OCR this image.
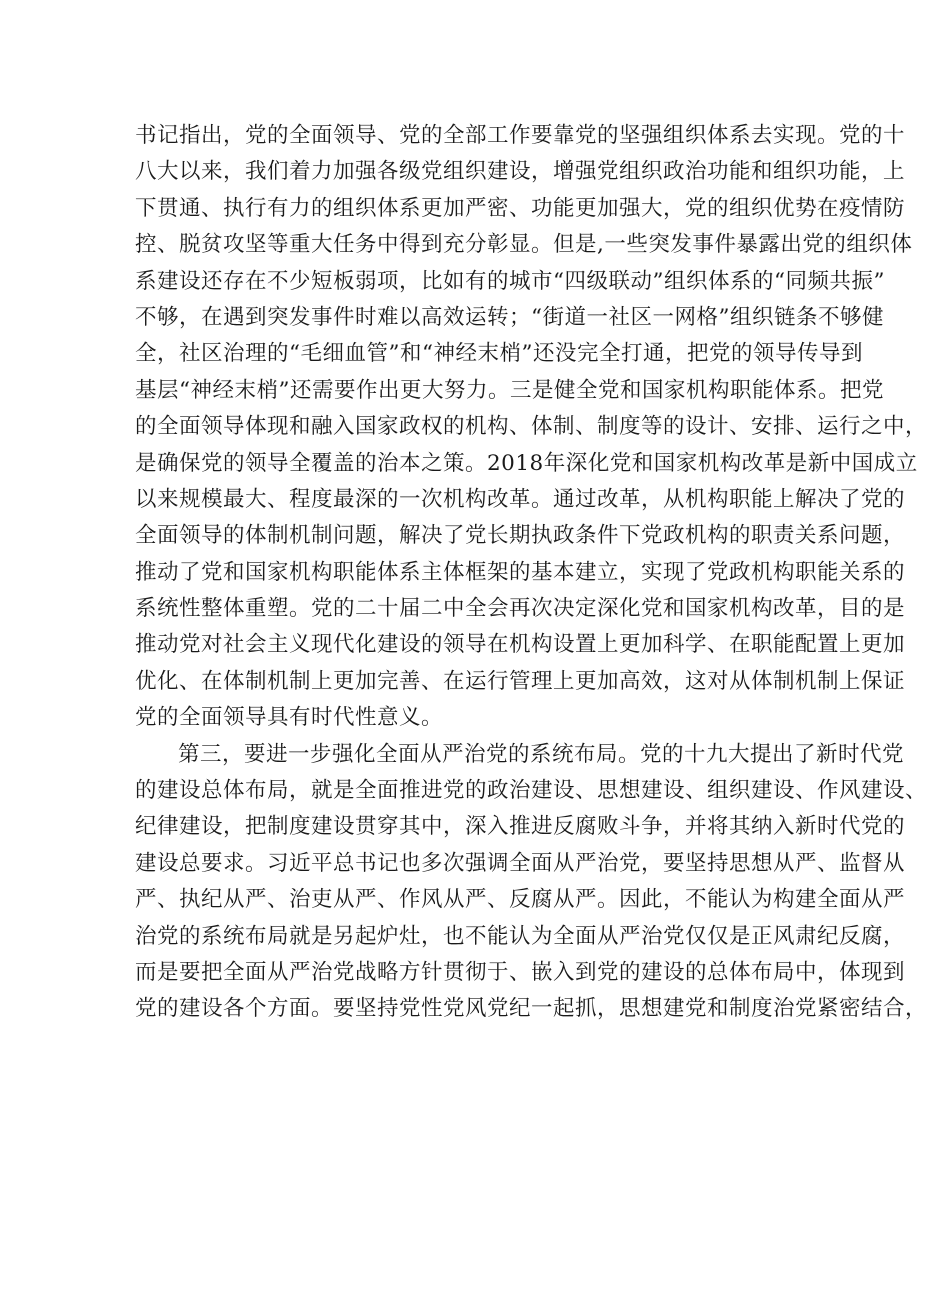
书记指出，党的全面领导、党的全部工作要靠党的坚强组织体系去实现。党的十
八大以来，我们着力加强各级党组织建设，增强党组织政治功能和组织功能，上
下贯通、执行有力的组织体系更加严密、功能更加强大，党的组织优势在疫情防
控、脱贫攻坚等重大任务中得到充分彰显。但是,一些突发事件暴露出党的组织体
系建设还存在不少短板弱项，比如有的城市“四级联动”组织体系的“同频共振”
不够，在遇到突发事件时难以高效运转；“街道一社区一网格”组织链条不够健
全，社区治理的“毛细血管”和“神经末梢”还没完全打通，把党的领导传导到
基层“神经末梢”还需要作出更大努力。三是健全党和国家机构职能体系。把党
的全面领导体现和融入国家政权的机构、体制、制度等的设计、安排、运行之中，
是确保党的领导全覆盖的治本之策。2018年深化党和国家机构改革是新中国成立
以来规模最大、程度最深的一次机构改革。通过改革，从机构职能上解决了党的
全面领导的体制机制问题，解决了党长期执政条件下党政机构的职责关系问题，
推动了党和国家机构职能体系主体框架的基本建立，实现了党政机构职能关系的
系统性整体重塑。党的二十届二中全会再次决定深化党和国家机构改革，目的是
推动党对社会主义现代化建设的领导在机构设置上更加科学、在职能配置上更加
优化、在体制机制上更加完善、在运行管理上更加高效，这对从体制机制上保证
党的全面领导具有时代性意义。
第三，要进一步强化全面从严治党的系统布局。党的十九大提出了新时代党
的建设总体布局，就是全面推进党的政治建设、思想建设、组织建设、作风建设、
纪律建设，把制度建设贯穿其中，深入推进反腐败斗争，并将其纳入新时代党的
建设总要求。习近平总书记也多次强调全面从严治党，要坚持思想从严、监督从
严、执纪从严、治吏从严、作风从严、反腐从严。因此，不能认为构建全面从严
治党的系统布局就是另起炉灶，也不能认为全面从严治党仅仅是正风肃纪反腐，
而是要把全面从严治党战略方针贯彻于、嵌入到党的建设的总体布局中，体现到
党的建设各个方面。要坚持党性党风党纪一起抓，思想建党和制度治党紧密结合，
